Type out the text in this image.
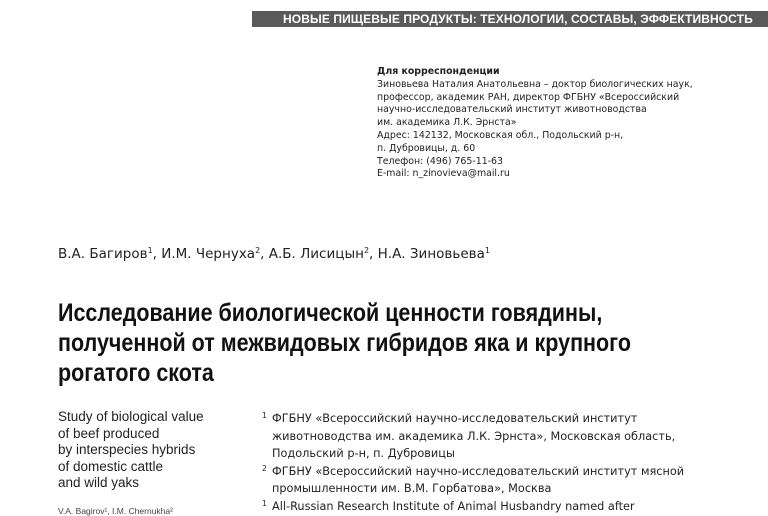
НОВЫЕ ПИЩЕВЫЕ ПРОДУКТЫ: ТЕХНОЛОГИИ, СОСТАВЫ, ЭФФЕКТИВНОСТЬ
Для корреспонденции
Зиновьева Наталия Анатольевна – доктор биологических наук,
профессор, академик РАН, директор ФГБНУ «Всероссийский
научно-исследовательский институт животноводства
им. академика Л.К. Эрнста»
Адрес: 142132, Московская обл., Подольский р-н,
п. Дубровицы, д. 60
Телефон: (496) 765-11-63
E-mail: n_zinovieva@mail.ru
В.А. Багиров$^1$, И.М. Чернуха$^2$, А.Б. Лисицын$^2$, Н.А. Зиновьева$^1$
Исследование биологической ценности говядины,
полученной от межвидовых гибридов яка и крупного
рогатого скота
Study of biological value
of beef produced
by interspecies hybrids
of domestic cattle
and wild yaks
V.A. Bagirov¹, I.M. Chernukha²
1 ФГБНУ «Всероссийский научно-исследовательский институт
животноводства им. академика Л.К. Эрнста», Московская область,
Подольский р-н, п. Дубровицы
2 ФГБНУ «Всероссийский научно-исследовательский институт мясной
промышленности им. В.М. Горбатова», Москва
1 All-Russian Research Institute of Animal Husbandry named after
